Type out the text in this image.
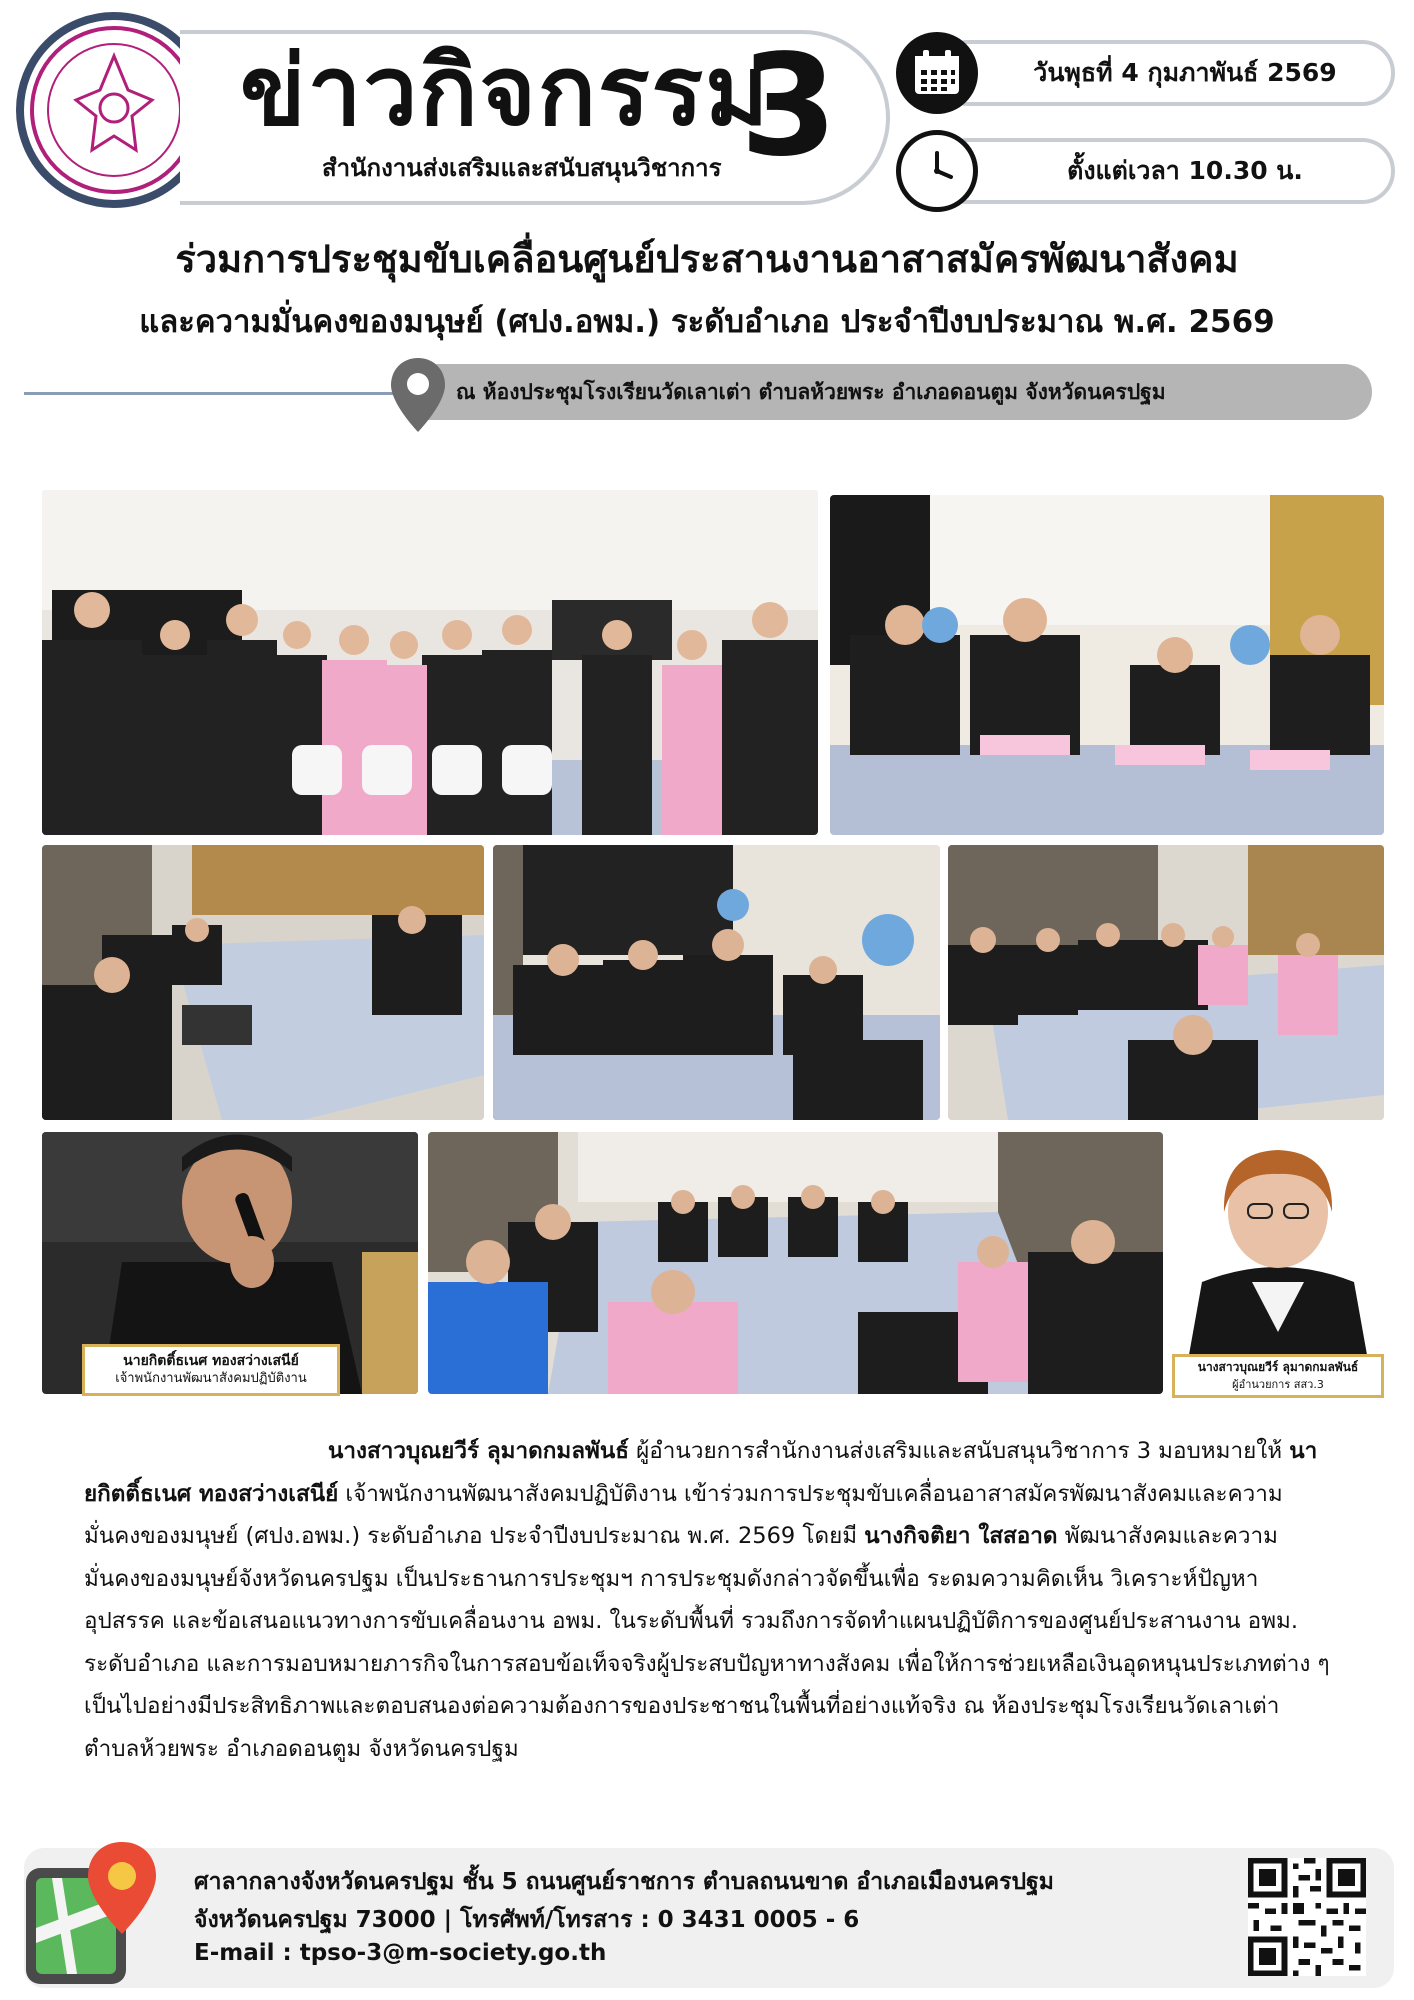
ข่าวกิจกรรม
3
สำนักงานส่งเสริมและสนับสนุนวิชาการ
วันพุธที่ 4 กุมภาพันธ์ 2569
ตั้งแต่เวลา 10.30 น.
ร่วมการประชุมขับเคลื่อนศูนย์ประสานงานอาสาสมัครพัฒนาสังคม
และความมั่นคงของมนุษย์ (ศปง.อพม.) ระดับอำเภอ ประจำปีงบประมาณ พ.ศ. 2569
ณ ห้องประชุมโรงเรียนวัดเลาเต่า ตำบลห้วยพระ อำเภอดอนตูม จังหวัดนครปฐม
นายกิตติ์ธเนศ ทองสว่างเสนีย์
เจ้าพนักงานพัฒนาสังคมปฏิบัติงาน
นางสาวบุณยวีร์ ลุมาดกมลพันธ์
ผู้อำนวยการ สสว.3
นางสาวบุณยวีร์ ลุมาดกมลพันธ์ ผู้อำนวยการสำนักงานส่งเสริมและสนับสนุนวิชาการ 3 มอบหมายให้ นายกิตติ์ธเนศ ทองสว่างเสนีย์ เจ้าพนักงานพัฒนาสังคมปฏิบัติงาน เข้าร่วมการประชุมขับเคลื่อนอาสาสมัครพัฒนาสังคมและความมั่นคงของมนุษย์ (ศปง.อพม.) ระดับอำเภอ ประจำปีงบประมาณ พ.ศ. 2569 โดยมี นางกิจติยา ใสสอาด พัฒนาสังคมและความมั่นคงของมนุษย์จังหวัดนครปฐม เป็นประธานการประชุมฯ การประชุมดังกล่าวจัดขึ้นเพื่อ ระดมความคิดเห็น วิเคราะห์ปัญหา อุปสรรค และข้อเสนอแนวทางการขับเคลื่อนงาน อพม. ในระดับพื้นที่ รวมถึงการจัดทำแผนปฏิบัติการของศูนย์ประสานงาน อพม. ระดับอำเภอ และการมอบหมายภารกิจในการสอบข้อเท็จจริงผู้ประสบปัญหาทางสังคม เพื่อให้การช่วยเหลือเงินอุดหนุนประเภทต่าง ๆ เป็นไปอย่างมีประสิทธิภาพและตอบสนองต่อความต้องการของประชาชนในพื้นที่อย่างแท้จริง ณ ห้องประชุมโรงเรียนวัดเลาเต่า ตำบลห้วยพระ อำเภอดอนตูม จังหวัดนครปฐม
ศาลากลางจังหวัดนครปฐม ชั้น 5 ถนนศูนย์ราชการ ตำบลถนนขาด อำเภอเมืองนครปฐม
จังหวัดนครปฐม 73000 | โทรศัพท์/โทรสาร : 0 3431 0005 - 6
E-mail : tpso-3@m-society.go.th
